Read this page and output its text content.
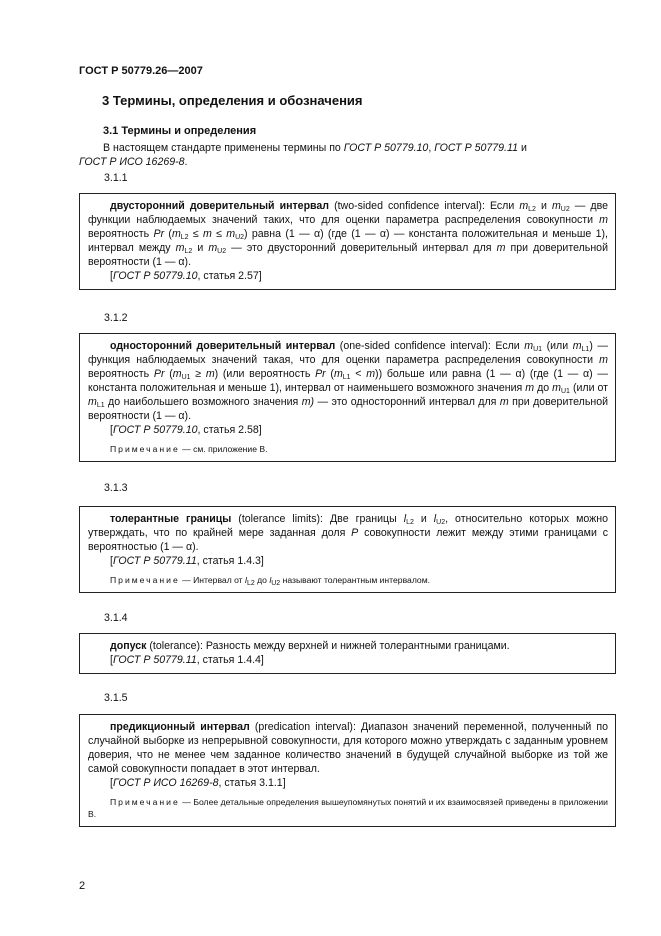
ГОСТ Р 50779.26—2007
3 Термины, определения и обозначения
3.1 Термины и определения

В настоящем стандарте применены термины по ГОСТ Р 50779.10, ГОСТ Р 50779.11 и
ГОСТ Р ИСО 16269-8.

3.1.1

двусторонний доверительный интервал (two-sided confidence interval): Если $m_{L2}$ и $m_{U2}$ — две функции наблюдаемых значений таких, что для оценки параметра распределения совокупности m вероятность Pr $(m_{L2} \le m \le m_{U2})$ равна (1 — α) (где (1 — α) — константа положительная и меньше 1), интервал между $m_{L2}$ и $m_{U2}$ — это двусторонний доверительный интервал для m при доверительной вероятности (1 — α).

[ГОСТ Р 50779.10, статья 2.57]

3.1.2

односторонний доверительный интервал (one-sided confidence interval): Если $m_{U1}$ (или $m_{L1}$) — функция наблюдаемых значений такая, что для оценки параметра распределения совокупности m вероятность Pr $(m_{U1} \ge m)$ (или вероятность Pr $(m_{L1} < m)$) больше или равна (1 — α) (где (1 — α) — константа положительная и меньше 1), интервал от наименьшего возможного значения m до $m_{U1}$ (или от $m_{L1}$ до наибольшего возможного значения m) — это односторонний интервал для m при доверительной вероятности (1 — α).

[ГОСТ Р 50779.10, статья 2.58]

Примечание — см. приложение В.

3.1.3

толерантные границы (tolerance limits): Две границы $l_{L2}$ и $l_{U2}$, относительно которых можно утверждать, что по крайней мере заданная доля Р совокупности лежит между этими границами с вероятностью (1 — α).

[ГОСТ Р 50779.11, статья 1.4.3]

Примечание — Интервал от $l_{L2}$ до $l_{U2}$ называют толерантным интервалом.

3.1.4

допуск (tolerance): Разность между верхней и нижней толерантными границами.

[ГОСТ Р 50779.11, статья 1.4.4]

3.1.5

предикционный интервал (predication interval): Диапазон значений переменной, полученный по случайной выборке из непрерывной совокупности, для которого можно утверждать с заданным уровнем доверия, что не менее чем заданное количество значений в будущей случайной выборке из той же самой совокупности попадает в этот интервал.

[ГОСТ Р ИСО 16269-8, статья 3.1.1]

Примечание — Более детальные определения вышеупомянутых понятий и их взаимосвязей приведены в приложении В.

2
